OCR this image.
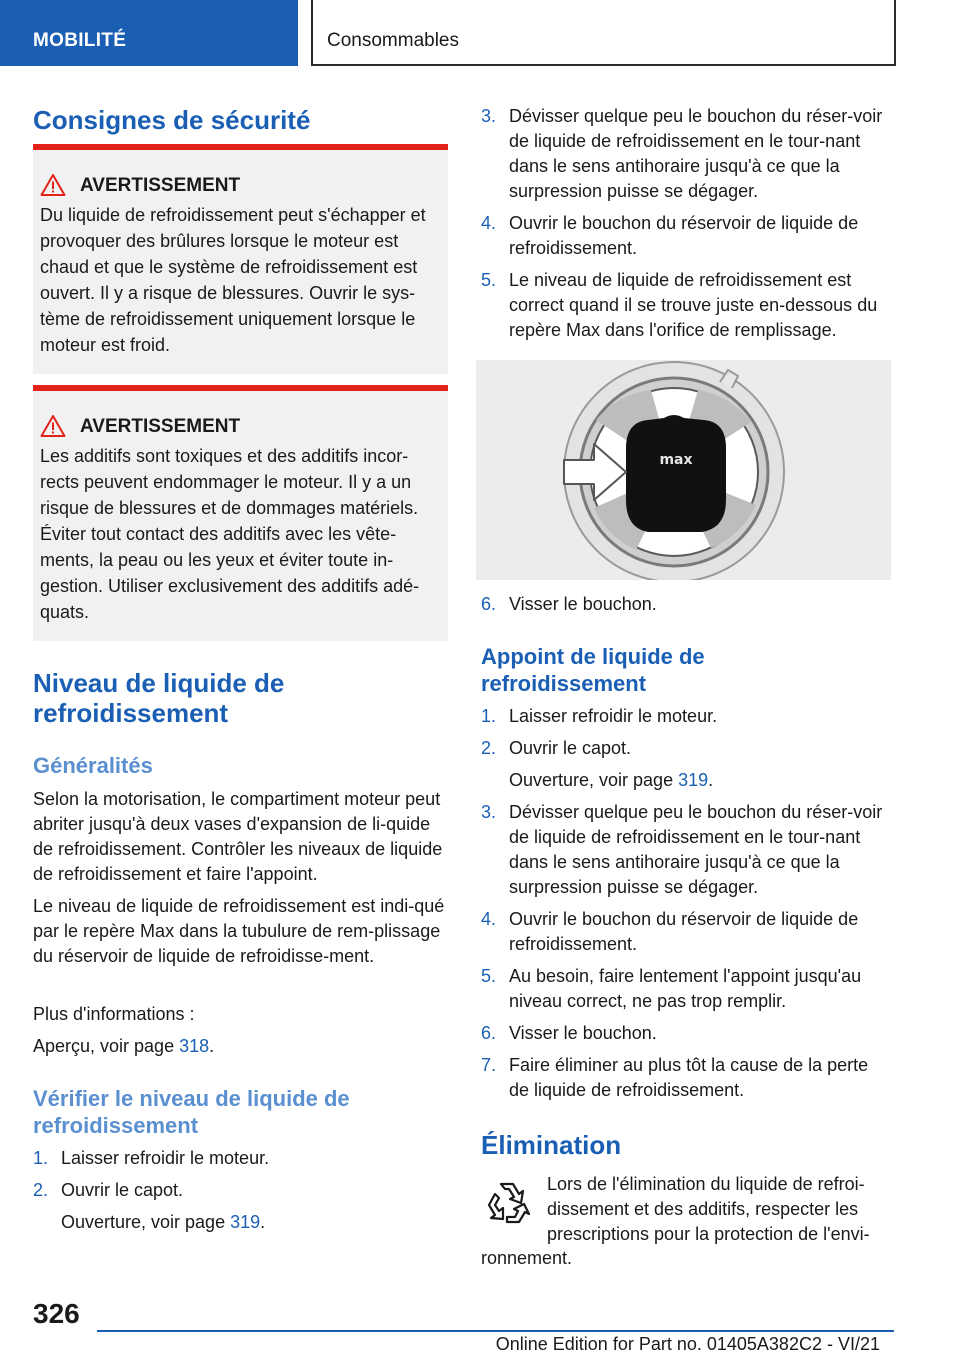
MOBILITÉ	Consommables
Consignes de sécurité
AVERTISSEMENT
Du liquide de refroidissement peut s'échapper et provoquer des brûlures lorsque le moteur est chaud et que le système de refroidissement est ouvert. Il y a risque de blessures. Ouvrir le sys-tème de refroidissement uniquement lorsque le moteur est froid.
AVERTISSEMENT
Les additifs sont toxiques et des additifs incor-rects peuvent endommager le moteur. Il y a un risque de blessures et de dommages matériels. Éviter tout contact des additifs avec les vête-ments, la peau ou les yeux et éviter toute in-gestion. Utiliser exclusivement des additifs adé-quats.
Niveau de liquide de refroidissement
Généralités

Selon la motorisation, le compartiment moteur peut abriter jusqu'à deux vases d'expansion de li-quide de refroidissement. Contrôler les niveaux de liquide de refroidissement et faire l'appoint.

Le niveau de liquide de refroidissement est indi-qué par le repère Max dans la tubulure de rem-plissage du réservoir de liquide de refroidisse-ment.

Plus d'informations :

Aperçu, voir page 318.

Vérifier le niveau de liquide de refroidissement
1. Laisser refroidir le moteur.
2. Ouvrir le capot.
Ouverture, voir page 319.
3. Dévisser quelque peu le bouchon du réser-voir de liquide de refroidissement en le tour-nant dans le sens antihoraire jusqu'à ce que la surpression puisse se dégager.
4. Ouvrir le bouchon du réservoir de liquide de refroidissement.
5. Le niveau de liquide de refroidissement est correct quand il se trouve juste en-dessous du repère Max dans l'orifice de remplissage.
max
6. Visser le bouchon.
Appoint de liquide de refroidissement
1. Laisser refroidir le moteur.
2. Ouvrir le capot.
Ouverture, voir page 319.
3. Dévisser quelque peu le bouchon du réser-voir de liquide de refroidissement en le tour-nant dans le sens antihoraire jusqu'à ce que la surpression puisse se dégager.
4. Ouvrir le bouchon du réservoir de liquide de refroidissement.
5. Au besoin, faire lentement l'appoint jusqu'au niveau correct, ne pas trop remplir.
6. Visser le bouchon.
7. Faire éliminer au plus tôt la cause de la perte de liquide de refroidissement.
Élimination

Lors de l'élimination du liquide de refroi-dissement et des additifs, respecter les prescriptions pour la protection de l'envi-

ronnement.

326
Online Edition for Part no. 01405A382C2 - VI/21
